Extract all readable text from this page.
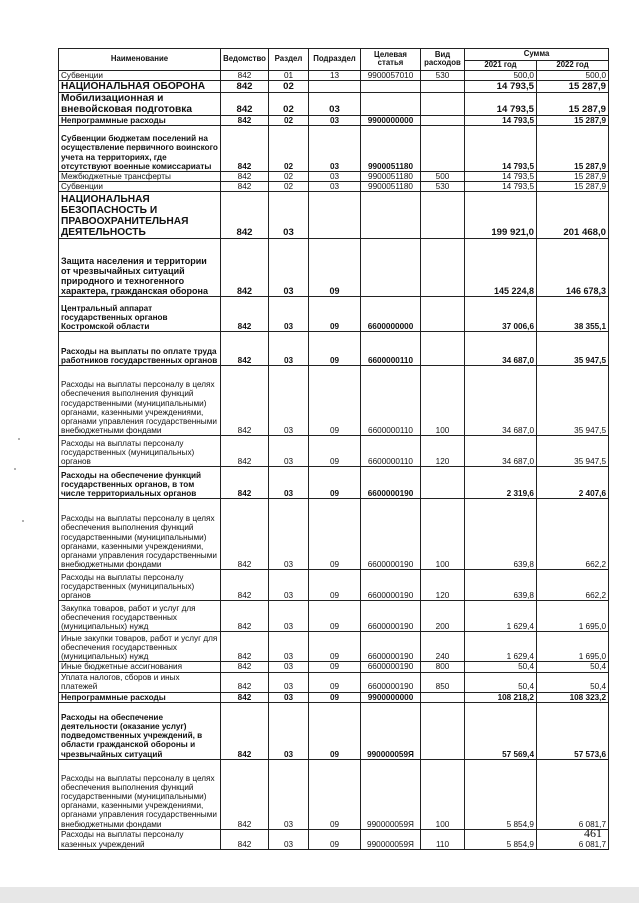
Наименование	Ведомство	Раздел	Подраздел	Целевая статья	Вид расходов	Сумма	
						2021 год	2022 год
Субвенции	842	01	13	9900057010	530	500,0	500,0
НАЦИОНАЛЬНАЯ ОБОРОНА	842	02				14 793,5	15 287,9
Мобилизационная и вневойсковая подготовка	842	02	03			14 793,5	15 287,9
Непрограммные расходы	842	02	03	9900000000		14 793,5	15 287,9
Субвенции бюджетам поселений на осуществление первичного воинского учета на территориях, где отсутствуют военные комиссариаты	842	02	03	9900051180		14 793,5	15 287,9
Межбюджетные трансферты	842	02	03	9900051180	500	14 793,5	15 287,9
Субвенции	842	02	03	9900051180	530	14 793,5	15 287,9
НАЦИОНАЛЬНАЯ БЕЗОПАСНОСТЬ И ПРАВООХРАНИТЕЛЬНАЯ ДЕЯТЕЛЬНОСТЬ	842	03				199 921,0	201 468,0
Защита населения и территории от чрезвычайных ситуаций природного и техногенного характера, гражданская оборона	842	03	09			145 224,8	146 678,3
Центральный аппарат государственных органов Костромской области	842	03	09	6600000000		37 006,6	38 355,1
Расходы на выплаты по оплате труда работников государственных органов	842	03	09	6600000110		34 687,0	35 947,5
Расходы на выплаты персоналу в целях обеспечения выполнения функций государственными (муниципальными) органами, казенными учреждениями, органами управления государственными внебюджетными фондами	842	03	09	6600000110	100	34 687,0	35 947,5
Расходы на выплаты персоналу государственных (муниципальных) органов	842	03	09	6600000110	120	34 687,0	35 947,5
Расходы на обеспечение функций государственных органов, в том числе территориальных органов	842	03	09	6600000190		2 319,6	2 407,6
Расходы на выплаты персоналу в целях обеспечения выполнения функций государственными (муниципальными) органами, казенными учреждениями, органами управления государственными внебюджетными фондами	842	03	09	6600000190	100	639,8	662,2
Расходы на выплаты персоналу государственных (муниципальных) органов	842	03	09	6600000190	120	639,8	662,2
Закупка товаров, работ и услуг для обеспечения государственных (муниципальных) нужд	842	03	09	6600000190	200	1 629,4	1 695,0
Иные закупки товаров, работ и услуг для обеспечения государственных (муниципальных) нужд	842	03	09	6600000190	240	1 629,4	1 695,0
Иные бюджетные ассигнования	842	03	09	6600000190	800	50,4	50,4
Уплата налогов, сборов и иных платежей	842	03	09	6600000190	850	50,4	50,4
Непрограммные расходы	842	03	09	9900000000		108 218,2	108 323,2
Расходы на обеспечение деятельности (оказание услуг) подведомственных учреждений, в области гражданской обороны и чрезвычайных ситуаций	842	03	09	990000059Я		57 569,4	57 573,6
Расходы на выплаты персоналу в целях обеспечения выполнения функций государственными (муниципальными) органами, казенными учреждениями, органами управления государственными внебюджетными фондами	842	03	09	990000059Я	100	5 854,9	6 081,7
Расходы на выплаты персоналу казенных учреждений	842	03	09	990000059Я	110	5 854,9	6 081,7
461
